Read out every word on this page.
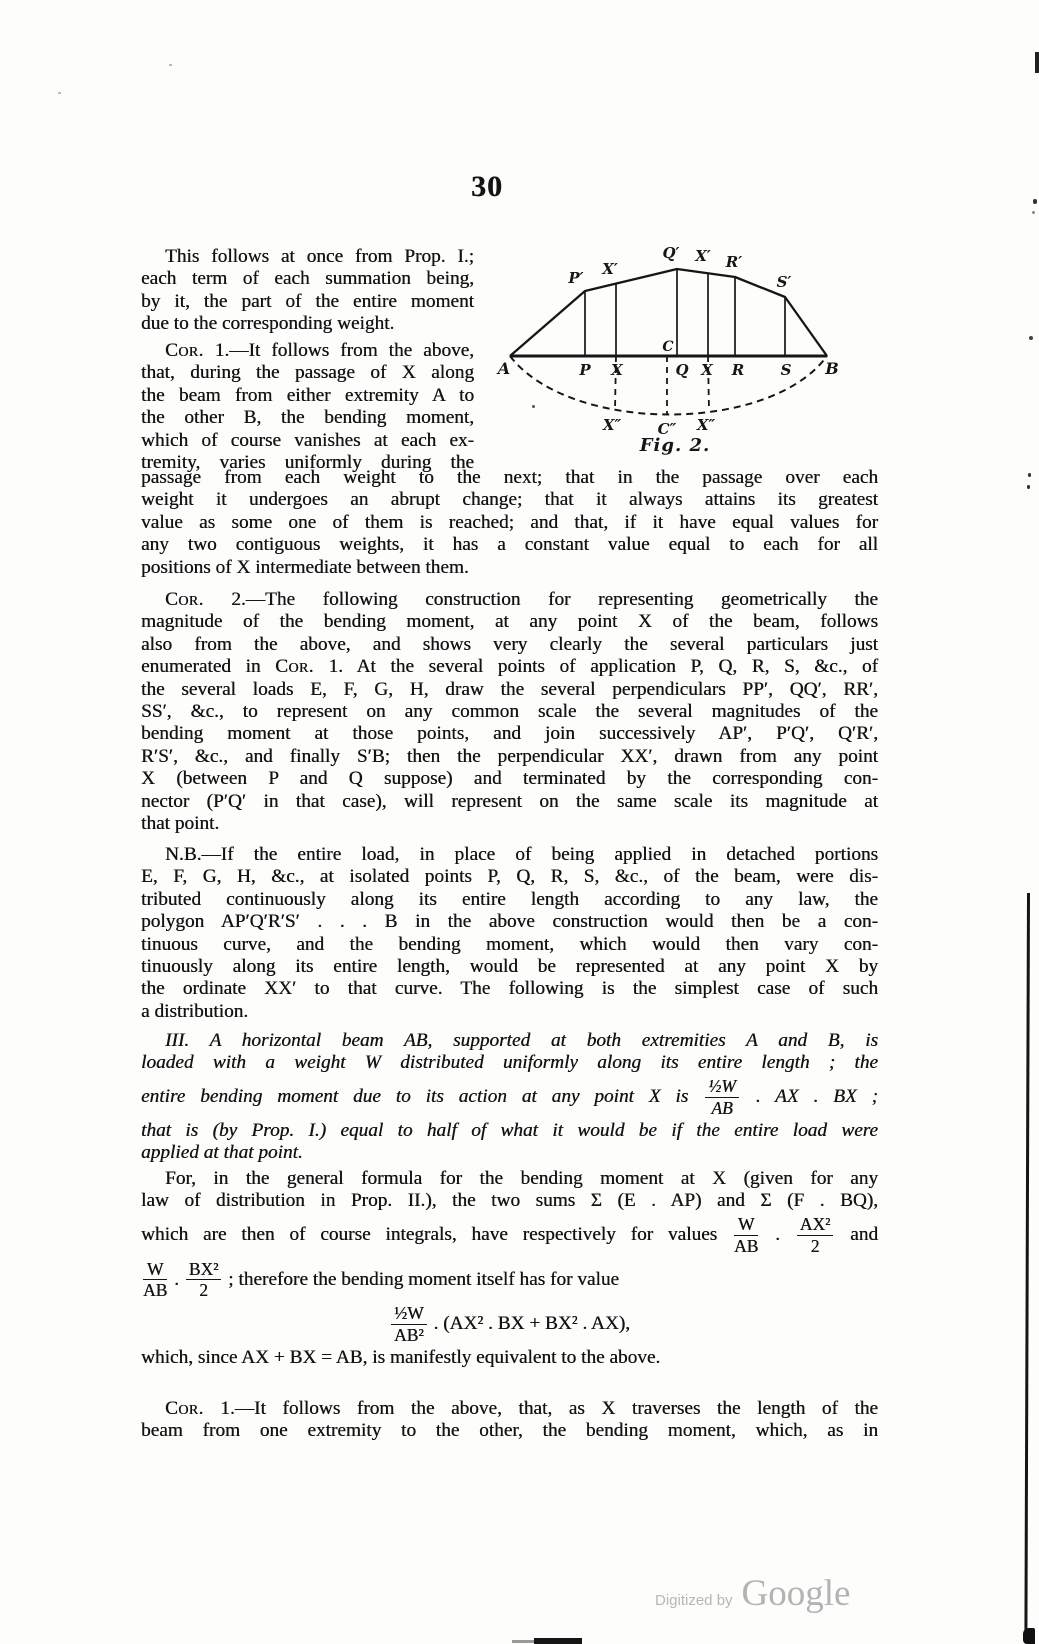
30
This follows at once from Prop. I.;
each term of each summation being,
by it, the part of the entire moment
due to the corresponding weight.
Cor. 1.—It follows from the above,
that, during the passage of X along
the beam from either extremity A to
the other B, the bending moment,
which of course vanishes at each ex-
tremity, varies uniformly during the
passage from each weight to the next; that in the passage over each
weight it undergoes an abrupt change; that it always attains its greatest
value as some one of them is reached; and that, if it have equal values for
any two contiguous weights, it has a constant value equal to each for all
positions of X intermediate between them.
Cor. 2.—The following construction for representing geometrically the
magnitude of the bending moment, at any point X of the beam, follows
also from the above, and shows very clearly the several particulars just
enumerated in Cor. 1. At the several points of application P, Q, R, S, &c., of
the several loads E, F, G, H, draw the several perpendiculars PP′, QQ′, RR′,
SS′, &c., to represent on any common scale the several magnitudes of the
bending moment at those points, and join successively AP′, P′Q′, Q′R′,
R′S′, &c., and finally S′B; then the perpendicular XX′, drawn from any point
X (between P and Q suppose) and terminated by the corresponding con-
nector (P′Q′ in that case), will represent on the same scale its magnitude at
that point.
N.B.—If the entire load, in place of being applied in detached portions
E, F, G, H, &c., at isolated points P, Q, R, S, &c., of the beam, were dis-
tributed continuously along its entire length according to any law, the
polygon AP′Q′R′S′ . . . B in the above construction would then be a con-
tinuous curve, and the bending moment, which would then vary con-
tinuously along its entire length, would be represented at any point X by
the ordinate XX′ to that curve. The following is the simplest case of such
a distribution.
III. A horizontal beam AB, supported at both extremities A and B, is
loaded with a weight W distributed uniformly along its entire length ; the
entire bending moment due to its action at any point X is $\frac{\text{½W}}{AB}$ . AX . BX ;
that is (by Prop. I.) equal to half of what it would be if the entire load were
applied at that point.
For, in the general formula for the bending moment at X (given for any
law of distribution in Prop. II.), the two sums Σ (E . AP) and Σ (F . BQ),
which are then of course integrals, have respectively for values $\frac{W}{AB}$ . $\frac{\text{AX²}}{2}$ and
$\frac{W}{AB}$ . $\frac{\text{BX²}}{2}$ ; therefore the bending moment itself has for value
$\frac{\text{½W}}{\text{AB²}}$ . (AX² . BX + BX² . AX),
which, since AX + BX = AB, is manifestly equivalent to the above.
Cor. 1.—It follows from the above, that, as X traverses the length of the
beam from one extremity to the other, the bending moment, which, as in
A	B
P X	Q X R S
C
P′ X′
Q′ X′ R′
S′
X″ C″ X″
Fig. 2.
Digitized by Google
